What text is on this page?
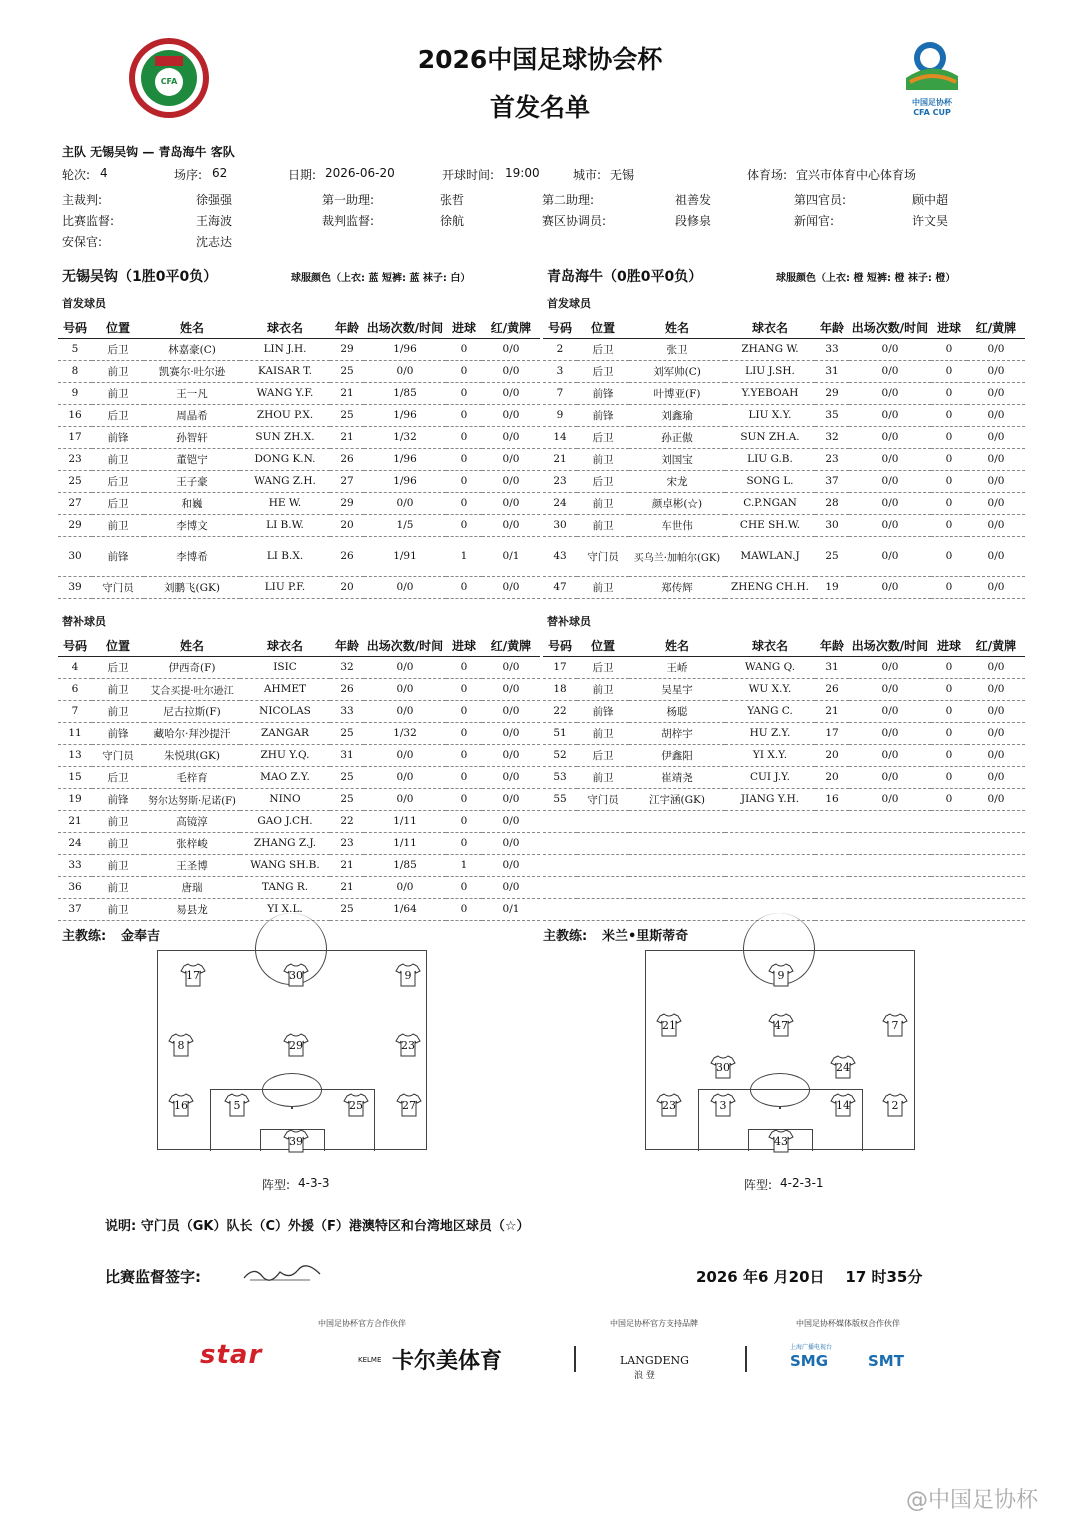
CFA
2026中国足球协会杯
首发名单	中国足协杯
CFA CUP
主队 无锡吴钩 — 青岛海牛 客队
轮次: 4	场序: 62	日期: 2026-06-20	开球时间: 19:00	城市: 无锡	体育场: 宜兴市体育中心体育场
主裁判:	徐强强	第一助理:	张哲	第二助理:	祖善发	第四官员:	顾中超
比赛监督:	王海波	裁判监督:	徐航	赛区协调员:	段修泉	新闻官:	许文昊
安保官:	沈志达
无锡吴钩（1胜0平0负）	球服颜色（上衣: 蓝 短裤: 蓝 袜子: 白）	青岛海牛（0胜0平0负）	球服颜色（上衣: 橙 短裤: 橙 袜子: 橙）
首发球员	首发球员
号码	位置	姓名	球衣名	年龄	出场次数/时间	进球	红/黄牌
5	后卫	林嘉豪(C)	LIN J.H.	29	1/96	0	0/0
8	前卫	凯赛尔·吐尔逊	KAISAR T.	25	0/0	0	0/0
9	前卫	王一凡	WANG Y.F.	21	1/85	0	0/0
16	后卫	周晶希	ZHOU P.X.	25	1/96	0	0/0
17	前锋	孙智轩	SUN ZH.X.	21	1/32	0	0/0
23	前卫	董铠宁	DONG K.N.	26	1/96	0	0/0
25	后卫	王子豪	WANG Z.H.	27	1/96	0	0/0
27	后卫	和巍	HE W.	29	0/0	0	0/0
29	前卫	李博文	LI B.W.	20	1/5	0	0/0
30	前锋	李博希	LI B.X.	26	1/91	1	0/1
39	守门员	刘鹏飞(GK)	LIU P.F.	20	0/0	0	0/0
号码	位置	姓名	球衣名	年龄	出场次数/时间	进球	红/黄牌
2	后卫	张卫	ZHANG W.	33	0/0	0	0/0
3	后卫	刘军帅(C)	LIU J.SH.	31	0/0	0	0/0
7	前锋	叶博亚(F)	Y.YEBOAH	29	0/0	0	0/0
9	前锋	刘鑫瑜	LIU X.Y.	35	0/0	0	0/0
14	后卫	孙正傲	SUN ZH.A.	32	0/0	0	0/0
21	前卫	刘国宝	LIU G.B.	23	0/0	0	0/0
23	后卫	宋龙	SONG L.	37	0/0	0	0/0
24	前卫	颜卓彬(☆)	C.P.NGAN	28	0/0	0	0/0
30	前卫	车世伟	CHE SH.W.	30	0/0	0	0/0
43	守门员	买乌兰·加帕尔(GK)	MAWLAN.J	25	0/0	0	0/0
47	前卫	郑传辉	ZHENG CH.H.	19	0/0	0	0/0
替补球员	替补球员
号码	位置	姓名	球衣名	年龄	出场次数/时间	进球	红/黄牌
4	后卫	伊西奇(F)	ISIC	32	0/0	0	0/0
6	前卫	艾合买提·吐尔逊江	AHMET	26	0/0	0	0/0
7	前卫	尼古拉斯(F)	NICOLAS	33	0/0	0	0/0
11	前锋	藏哈尔·拜沙提汗	ZANGAR	25	1/32	0	0/0
13	守门员	朱悦琪(GK)	ZHU Y.Q.	31	0/0	0	0/0
15	后卫	毛梓育	MAO Z.Y.	25	0/0	0	0/0
19	前锋	努尔达努斯·尼诺(F)	NINO	25	0/0	0	0/0
21	前卫	高镜淳	GAO J.CH.	22	1/11	0	0/0
24	前卫	张梓峻	ZHANG Z.J.	23	1/11	0	0/0
33	前卫	王圣博	WANG SH.B.	21	1/85	1	0/0
36	前卫	唐瑞	TANG R.	21	0/0	0	0/0
37	前卫	易县龙	YI X.L.	25	1/64	0	0/1
号码	位置	姓名	球衣名	年龄	出场次数/时间	进球	红/黄牌
17	后卫	王峤	WANG Q.	31	0/0	0	0/0
18	前卫	吴星宇	WU X.Y.	26	0/0	0	0/0
22	前锋	杨聪	YANG C.	21	0/0	0	0/0
51	前卫	胡梓宇	HU Z.Y.	17	0/0	0	0/0
52	后卫	伊鑫阳	YI X.Y.	20	0/0	0	0/0
53	前卫	崔靖尧	CUI J.Y.	20	0/0	0	0/0
55	守门员	江宇涵(GK)	JIANG Y.H.	16	0/0	0	0/0

主教练: 金奉吉	主教练: 米兰•里斯蒂奇
17	30	9
8	29	23
16	5	25	27
39
9
21	47	7
30	24
23	3	14	2
43
阵型: 4-3-3	阵型: 4-2-3-1
说明: 守门员（GK）队长（C）外援（F）港澳特区和台湾地区球员（☆）
比赛监督签字:	2026 年6 月20日    17 时35分
中国足协杯官方合作伙伴	中国足协杯官方支持品牌	中国足协杯媒体版权合作伙伴
star	卡尔美体育
KELME	LANGDENG
浪 登
上海广播电视台
SMG	SMT
@中国足协杯
